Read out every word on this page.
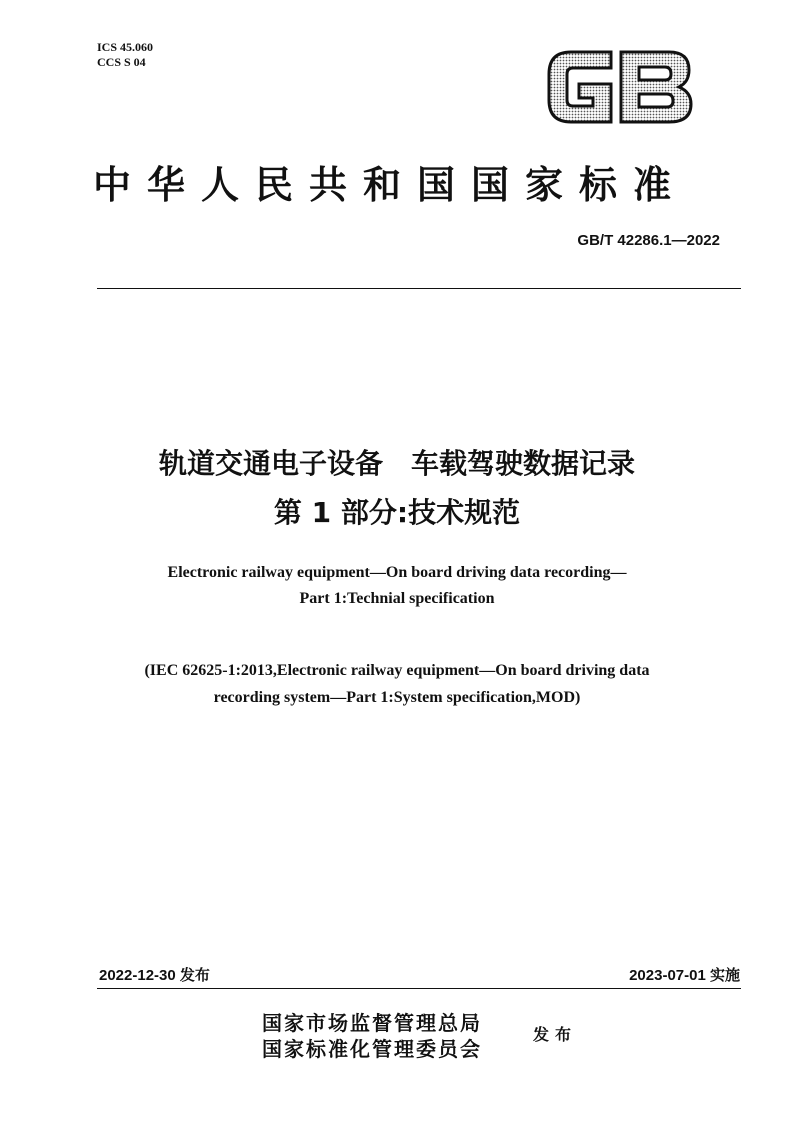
ICS 45.060
CCS S 04
中华人民共和国国家标准
GB/T 42286.1—2022
轨道交通电子设备　车载驾驶数据记录
第 1 部分:技术规范
Electronic railway equipment—On board driving data recording—
Part 1:Technial specification
(IEC 62625-1:2013,Electronic railway equipment—On board driving data
recording system—Part 1:System specification,MOD)
2022-12-30 发布	2023-07-01 实施
国家市场监督管理总局
国家标准化管理委员会
发布
